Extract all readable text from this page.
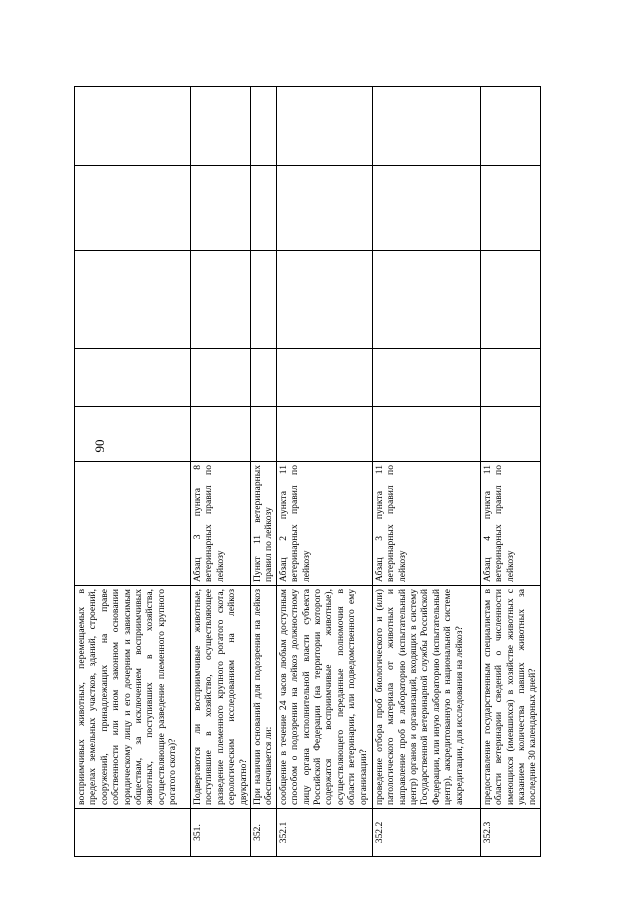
90
	восприимчивых животных, перемещаемых в пределах земельных участков, зданий, строений, сооружений, принадлежащих на праве собственности или ином законном основании юридическому лицу и его дочерним и зависимым обществам, за исключением восприимчивых животных, поступивших в хозяйства, осуществляющие разведение племенного крупного рогатого скота)?						
351.	Подвергаются ли восприимчивые животные, поступившие в хозяйство, осуществляющее разведение племенного крупного рогатого скота, серологическим исследованиям на лейкоз двукратно?	Абзац 3 пункта 8 ветеринарных правил по лейкозу					
352.	При наличии оснований для подозрения на лейкоз обеспечивается ли:	Пункт 11 ветеринарных правил по лейкозу					
352.1	сообщение в течение 24 часов любым доступным способом о подозрении на лейкоз должностному лицу органа исполнительной власти субъекта Российской Федерации (на территории которого содержатся восприимчивые животные), осуществляющего переданные полномочия в области ветеринарии, или подведомственного ему организации?	Абзац 2 пункта 11 ветеринарных правил по лейкозу					
352.2	проведение отбора проб биологического и (или) патологического материала от животных и направление проб в лабораторию (испытательный центр) органов и организаций, входящих в систему Государственной ветеринарной службы Российской Федерации, или иную лабораторию (испытательный центр), аккредитованную в национальной системе аккредитации, для исследования на лейкоз?	Абзац 3 пункта 11 ветеринарных правил по лейкозу					
352.3	предоставление государственным специалистам в области ветеринарии сведений о численности имеющихся (имевшихся) в хозяйстве животных с указанием количества павших животных за последние 30 календарных дней?	Абзац 4 пункта 11 ветеринарных правил по лейкозу					
